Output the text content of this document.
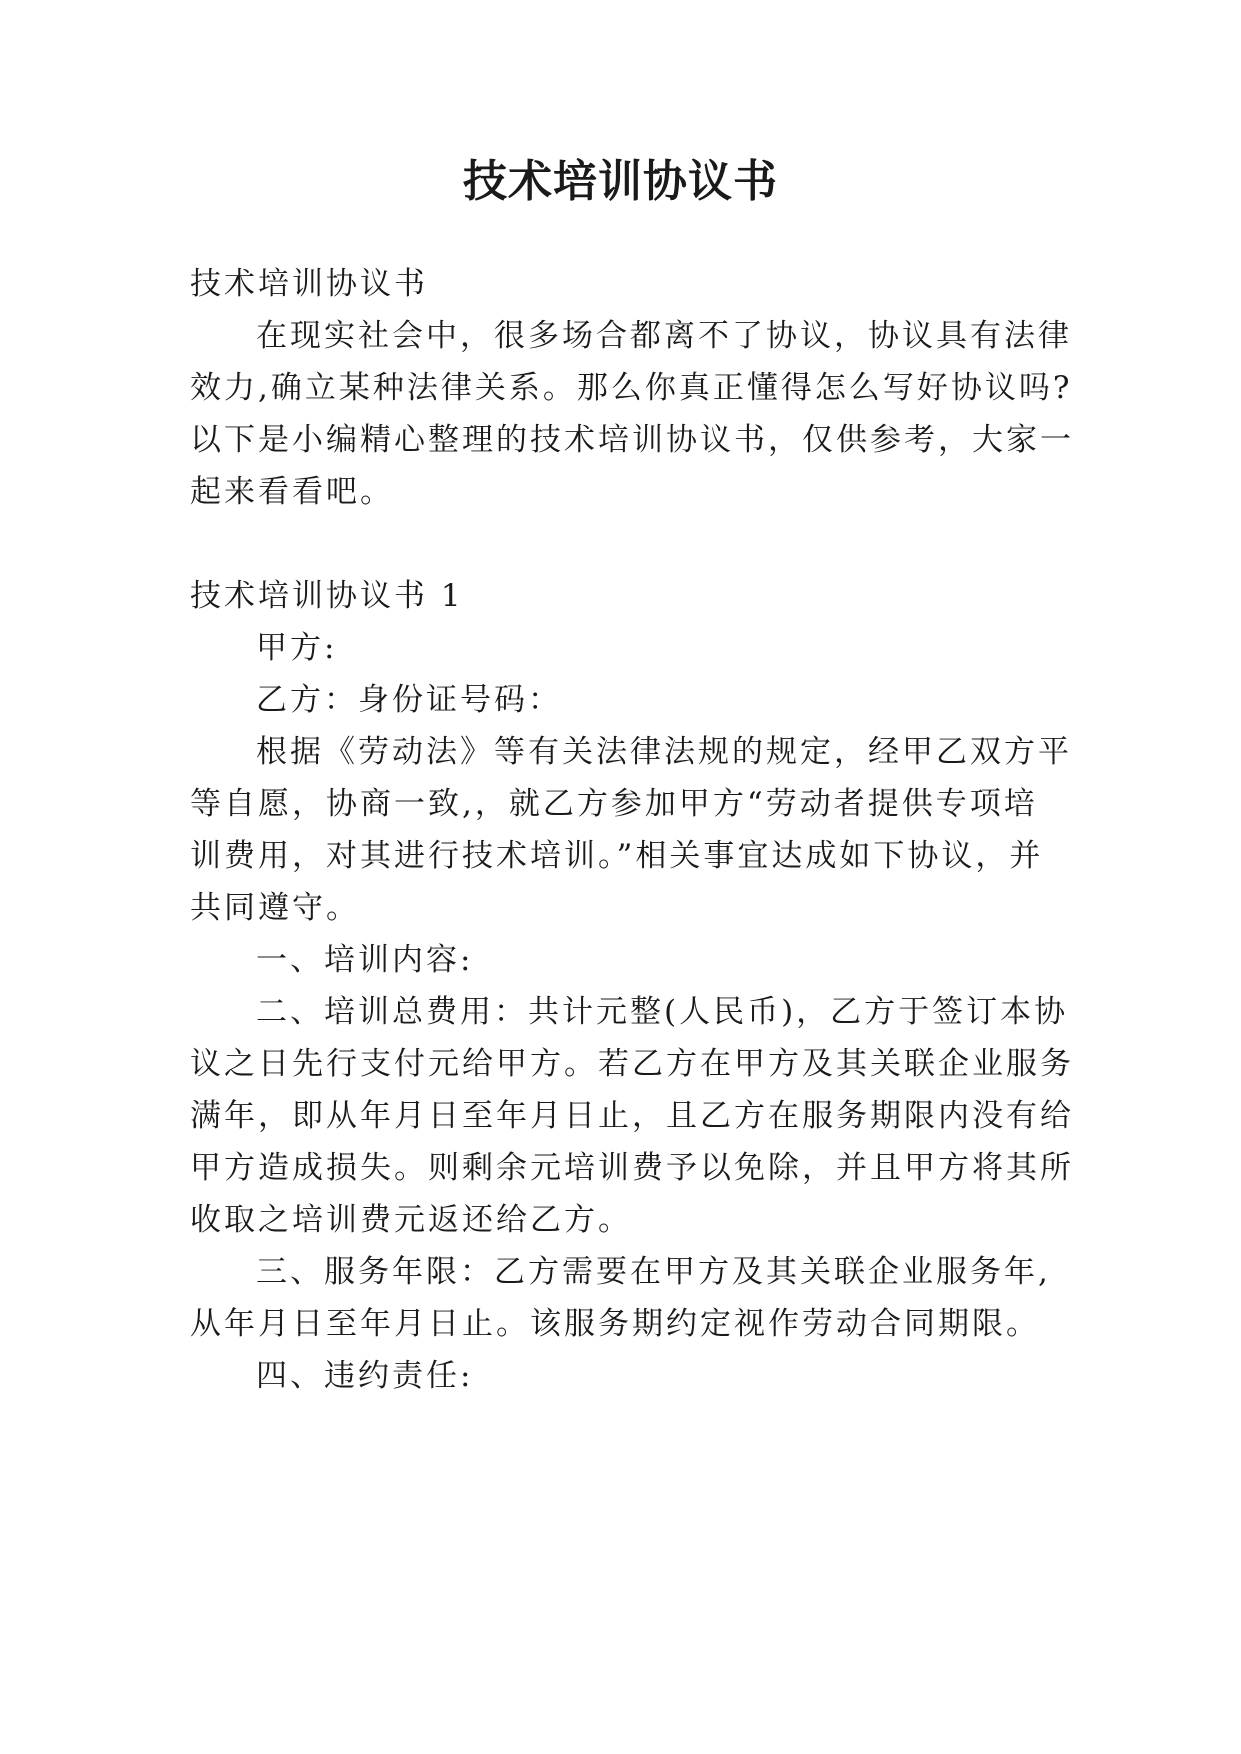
技术培训协议书
技术培训协议书
在现实社会中，很多场合都离不了协议，协议具有法律
效力,确立某种法律关系。那么你真正懂得怎么写好协议吗?
以下是小编精心整理的技术培训协议书，仅供参考，大家一
起来看看吧。
技术培训协议书 1
甲方:
乙方：身份证号码：
根据《劳动法》等有关法律法规的规定，经甲乙双方平
等自愿，协商一致,，就乙方参加甲方“劳动者提供专项培
训费用，对其进行技术培训。”相关事宜达成如下协议，并
共同遵守。
一、培训内容:
二、培训总费用：共计元整(人民币)，乙方于签订本协
议之日先行支付元给甲方。若乙方在甲方及其关联企业服务
满年，即从年月日至年月日止，且乙方在服务期限内没有给
甲方造成损失。则剩余元培训费予以免除，并且甲方将其所
收取之培训费元返还给乙方。
三、服务年限：乙方需要在甲方及其关联企业服务年,
从年月日至年月日止。该服务期约定视作劳动合同期限。
四、违约责任:
